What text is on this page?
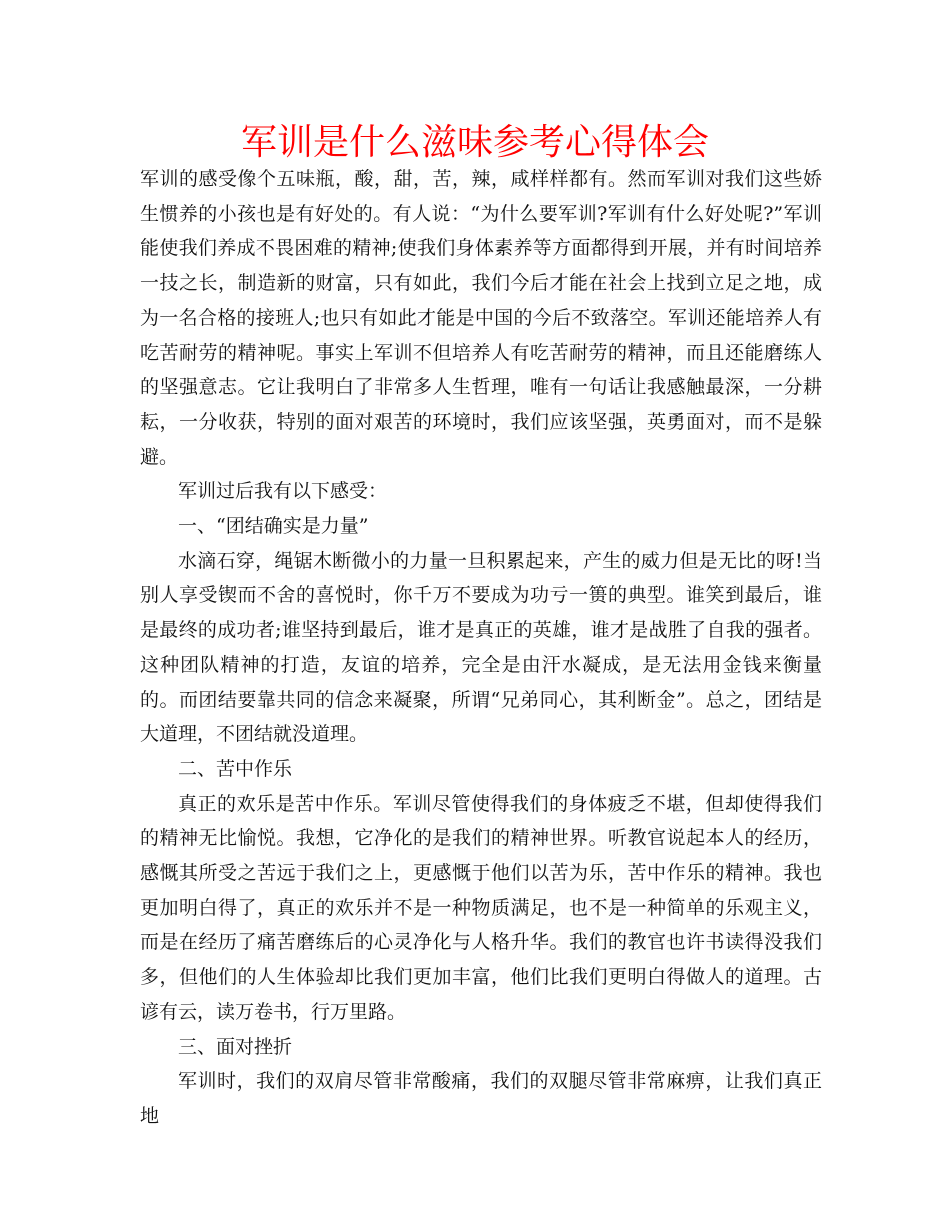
军训是什么滋味参考心得体会

军训的感受像个五味瓶，酸，甜，苦，辣，咸样样都有。然而军训对我们这些娇生惯养的小孩也是有好处的。有人说：“为什么要军训?军训有什么好处呢?”军训能使我们养成不畏困难的精神;使我们身体素养等方面都得到开展，并有时间培养一技之长，制造新的财富，只有如此，我们今后才能在社会上找到立足之地，成为一名合格的接班人;也只有如此才能是中国的今后不致落空。军训还能培养人有吃苦耐劳的精神呢。事实上军训不但培养人有吃苦耐劳的精神，而且还能磨练人的坚强意志。它让我明白了非常多人生哲理，唯有一句话让我感触最深，一分耕耘，一分收获，特别的面对艰苦的环境时，我们应该坚强，英勇面对，而不是躲避。

军训过后我有以下感受：

一、“团结确实是力量”

水滴石穿，绳锯木断微小的力量一旦积累起来，产生的威力但是无比的呀!当别人享受锲而不舍的喜悦时，你千万不要成为功亏一篑的典型。谁笑到最后，谁是最终的成功者;谁坚持到最后，谁才是真正的英雄，谁才是战胜了自我的强者。这种团队精神的打造，友谊的培养，完全是由汗水凝成，是无法用金钱来衡量的。而团结要靠共同的信念来凝聚，所谓“兄弟同心，其利断金”。总之，团结是大道理，不团结就没道理。

二、苦中作乐

真正的欢乐是苦中作乐。军训尽管使得我们的身体疲乏不堪，但却使得我们的精神无比愉悦。我想，它净化的是我们的精神世界。听教官说起本人的经历，感慨其所受之苦远于我们之上，更感慨于他们以苦为乐，苦中作乐的精神。我也更加明白得了，真正的欢乐并不是一种物质满足，也不是一种简单的乐观主义，而是在经历了痛苦磨练后的心灵净化与人格升华。我们的教官也许书读得没我们多，但他们的人生体验却比我们更加丰富，他们比我们更明白得做人的道理。古谚有云，读万卷书，行万里路。

三、面对挫折

军训时，我们的双肩尽管非常酸痛，我们的双腿尽管非常麻痹，让我们真正地
